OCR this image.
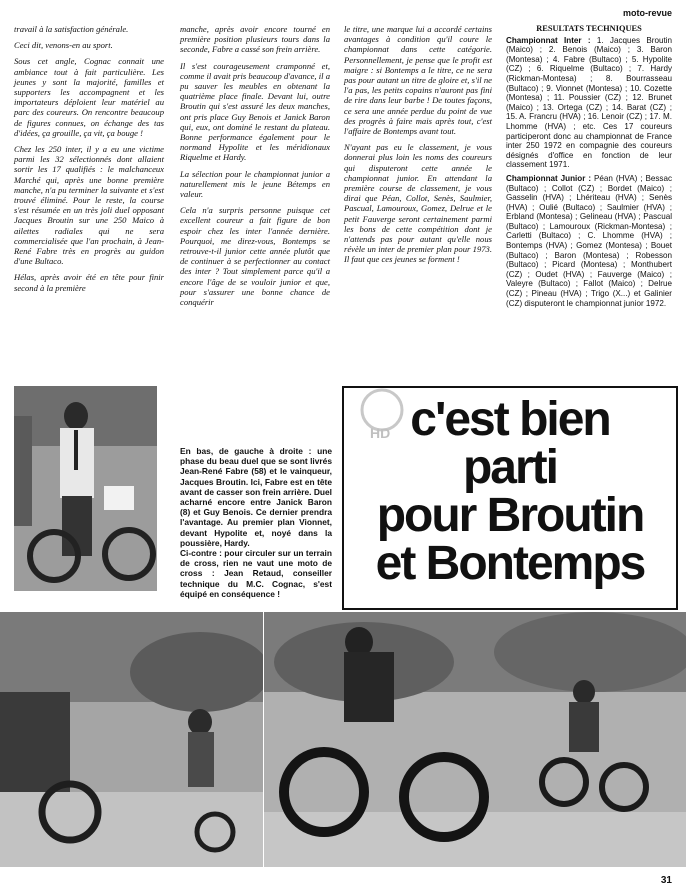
moto-revue

travail à la satisfaction générale.

Ceci dit, venons-en au sport.

Sous cet angle, Cognac connait une ambiance tout à fait particulière. Les jeunes y sont la majorité, familles et supporters les accompagnent et les importateurs déploient leur matériel au parc des coureurs. On rencontre beaucoup de figures connues, on échange des tas d'idées, ça grouille, ça vit, ça bouge !

Chez les 250 inter, il y a eu une victime parmi les 32 sélectionnés dont allaient sortir les 17 qualifiés : le malchanceux Marché qui, après une bonne première manche, n'a pu terminer la suivante et s'est trouvé éliminé. Pour le reste, la course s'est résumée en un très joli duel opposant Jacques Broutin sur une 250 Maico à ailettes radiales qui ne sera commercialisée que l'an prochain, à Jean-René Fabre très en progrès au guidon d'une Bultaco.

Hélas, après avoir été en tête pour finir second à la première

manche, après avoir encore tourné en première position plusieurs tours dans la seconde, Fabre a cassé son frein arrière.

Il s'est courageusement cramponné et, comme il avait pris beaucoup d'avance, il a pu sauver les meubles en obtenant la quatrième place finale. Devant lui, outre Broutin qui s'est assuré les deux manches, ont pris place Guy Benois et Janick Baron qui, eux, ont dominé le restant du plateau. Bonne performance également pour le normand Hypolite et les méridionaux Riquelme et Hardy.

La sélection pour le championnat junior a naturellement mis le jeune Bétemps en valeur.

Cela n'a surpris personne puisque cet excellent coureur a fait figure de bon espoir chez les inter l'année dernière. Pourquoi, me direz-vous, Bontemps se retrouve-t-il junior cette année plutôt que de continuer à se perfectionner au contact des inter ? Tout simplement parce qu'il a encore l'âge de se vouloir junior et que, pour s'assurer une bonne chance de conquérir

le titre, une marque lui a accordé certains avantages à condition qu'il coure le championnat dans cette catégorie. Personnellement, je pense que le profit est maigre : si Bontemps a le titre, ce ne sera pas pour autant un titre de gloire et, s'il ne l'a pas, les petits copains n'auront pas fini de rire dans leur barbe ! De toutes façons, ce sera une année perdue du point de vue des progrès à faire mais après tout, c'est l'affaire de Bontemps avant tout.

N'ayant pas eu le classement, je vous donnerai plus loin les noms des coureurs qui disputeront cette année le championnat junior. En attendant la première course de classement, je vous dirai que Péan, Collot, Senès, Saulmier, Pascual, Lamouroux, Gomez, Delrue et le petit Fauverge seront certainement parmi les bons de cette compétition dont je n'attends pas pour autant qu'elle nous révèle un inter de premier plan pour 1973. Il faut que ces jeunes se forment !

RESULTATS TECHNIQUES

Championnat Inter : 1. Jacques Broutin (Maico) ; 2. Benois (Maico) ; 3. Baron (Montesa) ; 4. Fabre (Bultaco) ; 5. Hypolite (CZ) ; 6. Riquelme (Bultaco) ; 7. Hardy (Rickman-Montesa) ; 8. Bourrasseau (Bultaco) ; 9. Vionnet (Montesa) ; 10. Cozette (Montesa) ; 11. Poussier (CZ) ; 12. Brunet (Maico) ; 13. Ortega (CZ) ; 14. Barat (CZ) ; 15. A. Francru (HVA) ; 16. Lenoir (CZ) ; 17. M. Lhomme (HVA) ; etc. Ces 17 coureurs participeront donc au championnat de France inter 250 1972 en compagnie des coureurs désignés d'office en fonction de leur classement 1971.

Championnat Junior : Péan (HVA) ; Bessac (Bultaco) ; Collot (CZ) ; Bordet (Maico) ; Gasselin (HVA) ; Lhériteau (HVA) ; Senès (HVA) ; Oulié (Bultaco) ; Saulmier (HVA) ; Erbland (Montesa) ; Gelineau (HVA) ; Pascual (Bultaco) ; Lamouroux (Rickman-Montesa) ; Carletti (Bultaco) ; C. Lhomme (HVA) ; Bontemps (HVA) ; Gomez (Montesa) ; Bouet (Bultaco) ; Baron (Montesa) ; Robesson (Bultaco) ; Picard (Montesa) ; Monthubert (CZ) ; Oudet (HVA) ; Fauverge (Maico) ; Valeyre (Bultaco) ; Fallot (Maico) ; Delrue (CZ) ; Pineau (HVA) ; Trigo (X...) et Galinier (CZ) disputeront le championnat junior 1972.

En bas, de gauche à droite : une phase du beau duel que se sont livrés Jean-René Fabre (58) et le vainqueur, Jacques Broutin. Ici, Fabre est en tête avant de casser son frein arrière. Duel acharné encore entre Janick Baron (8) et Guy Benois. Ce dernier prendra l'avantage. Au premier plan Vionnet, devant Hypolite et, noyé dans la poussière, Hardy.

Ci-contre : pour circuler sur un terrain de cross, rien ne vaut une moto de cross : Jean Retaud, conseiller technique du M.C. Cognac, s'est équipé en conséquence !

c'est bien
parti
pour Broutin
et Bontemps
HD
31
